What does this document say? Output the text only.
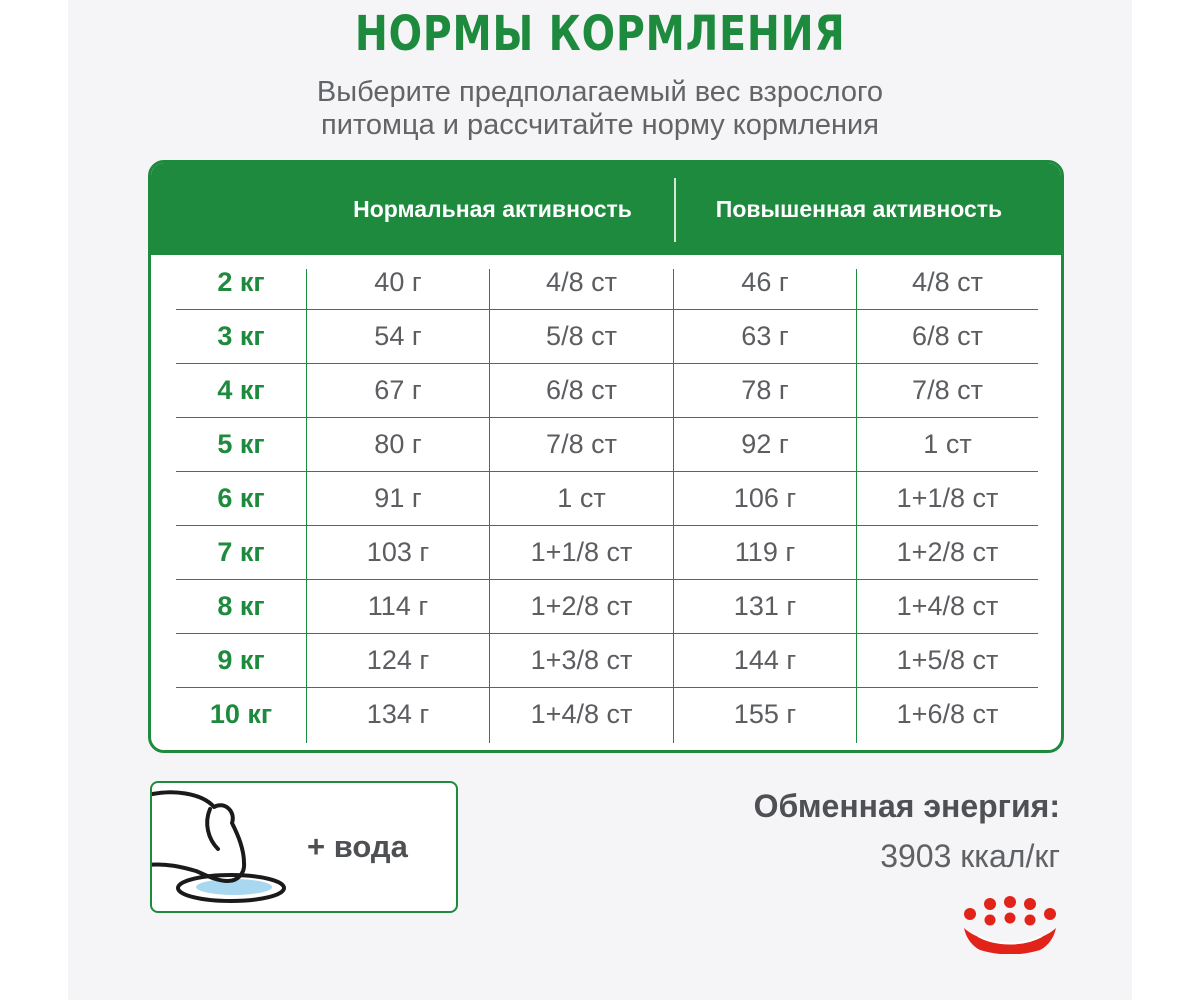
НОРМЫ КОРМЛЕНИЯ
Выберите предполагаемый вес взрослого
питомца и рассчитайте норму кормления
Нормальная активность	Повышенная активность
2 кг	40 г	4/8 ст	46 г	4/8 ст
3 кг	54 г	5/8 ст	63 г	6/8 ст
4 кг	67 г	6/8 ст	78 г	7/8 ст
5 кг	80 г	7/8 ст	92 г	1 ст
6 кг	91 г	1 ст	106 г	1+1/8 ст
7 кг	103 г	1+1/8 ст	119 г	1+2/8 ст
8 кг	114 г	1+2/8 ст	131 г	1+4/8 ст
9 кг	124 г	1+3/8 ст	144 г	1+5/8 ст
10 кг	134 г	1+4/8 ст	155 г	1+6/8 ст
+ вода
Обменная энергия:
3903 ккал/кг
